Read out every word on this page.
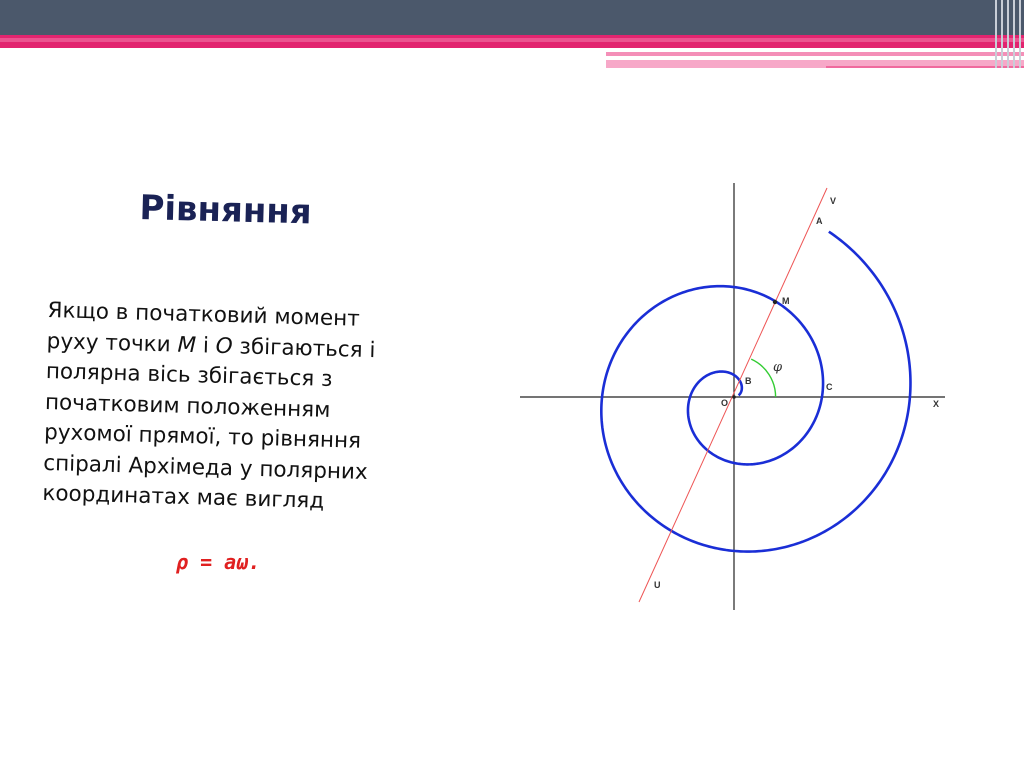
Рівняння
Якщо в початковий момент руху точки M і O збігаються і полярна вісь збігається з початковим положенням рухомої прямої, то рівняння спіралі Архімеда у полярних координатах має вигляд
ρ = aω.
X
V
U
A
M
B
C
O
φ
